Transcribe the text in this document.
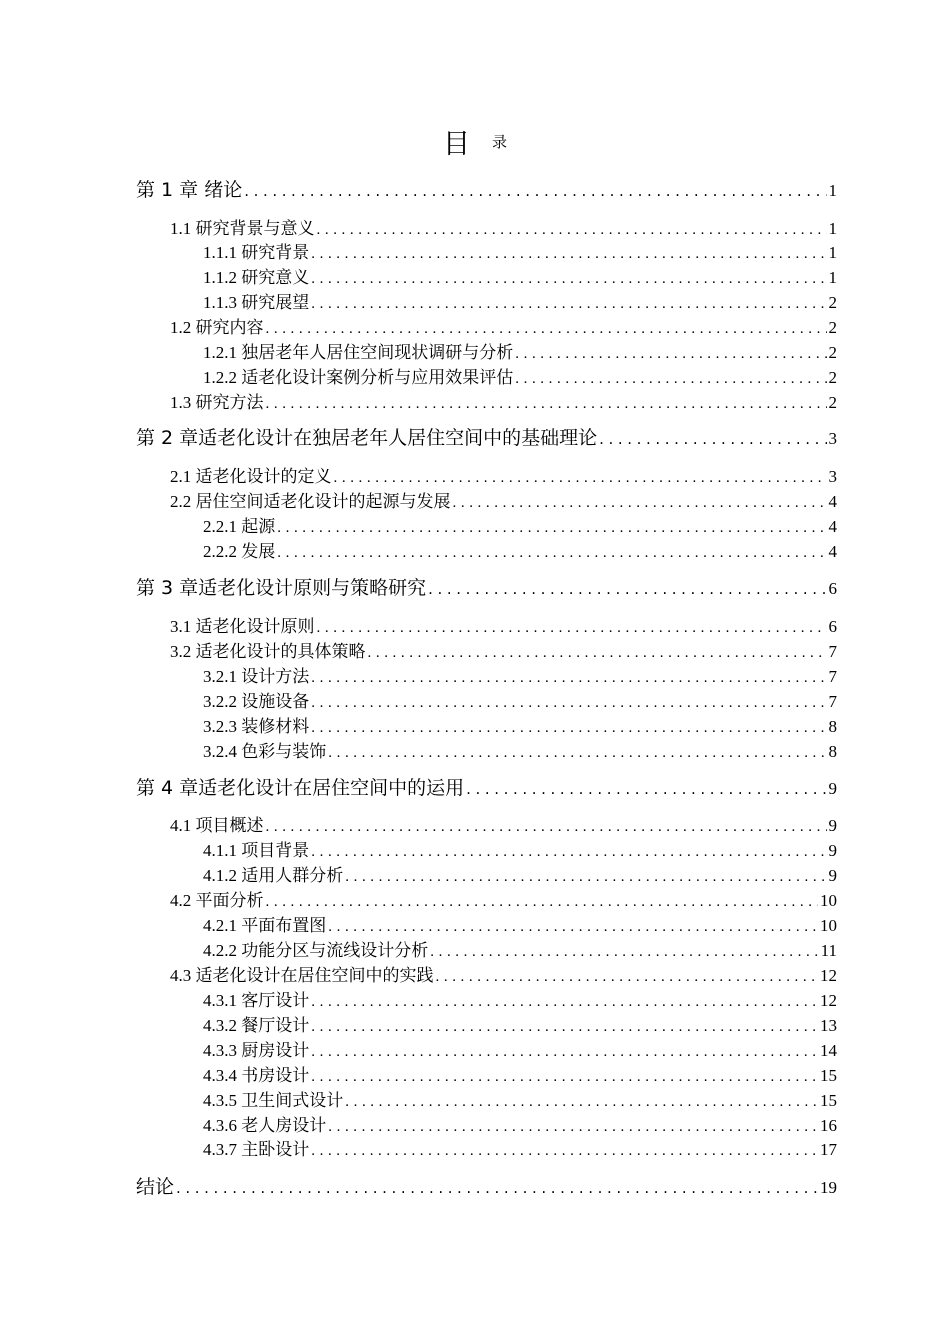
目 录
第 1 章 绪论 .....	1
1.1 研究背景与意义 .....	1
1.1.1 研究背景 .....	1
1.1.2 研究意义 .....	1
1.1.3 研究展望 .....	2
1.2 研究内容 .....	2
1.2.1 独居老年人居住空间现状调研与分析 .....	2
1.2.2 适老化设计案例分析与应用效果评估 .....	2
1.3 研究方法 .....	2
第 2 章适老化设计在独居老年人居住空间中的基础理论 .....	3
2.1 适老化设计的定义 .....	3
2.2 居住空间适老化设计的起源与发展 .....	4
2.2.1 起源 .....	4
2.2.2 发展 .....	4
第 3 章适老化设计原则与策略研究 .....	6
3.1 适老化设计原则 .....	6
3.2 适老化设计的具体策略 .....	7
3.2.1 设计方法 .....	7
3.2.2 设施设备 .....	7
3.2.3 装修材料 .....	8
3.2.4 色彩与装饰 .....	8
第 4 章适老化设计在居住空间中的运用 .....	9
4.1 项目概述 .....	9
4.1.1 项目背景 .....	9
4.1.2 适用人群分析 .....	9
4.2 平面分析 .....	10
4.2.1 平面布置图 .....	10
4.2.2 功能分区与流线设计分析 .....	11
4.3 适老化设计在居住空间中的实践 .....	12
4.3.1 客厅设计 .....	12
4.3.2 餐厅设计 .....	13
4.3.3 厨房设计 .....	14
4.3.4 书房设计 .....	15
4.3.5 卫生间式设计 .....	15
4.3.6 老人房设计 .....	16
4.3.7 主卧设计 .....	17
结论 .....	19
